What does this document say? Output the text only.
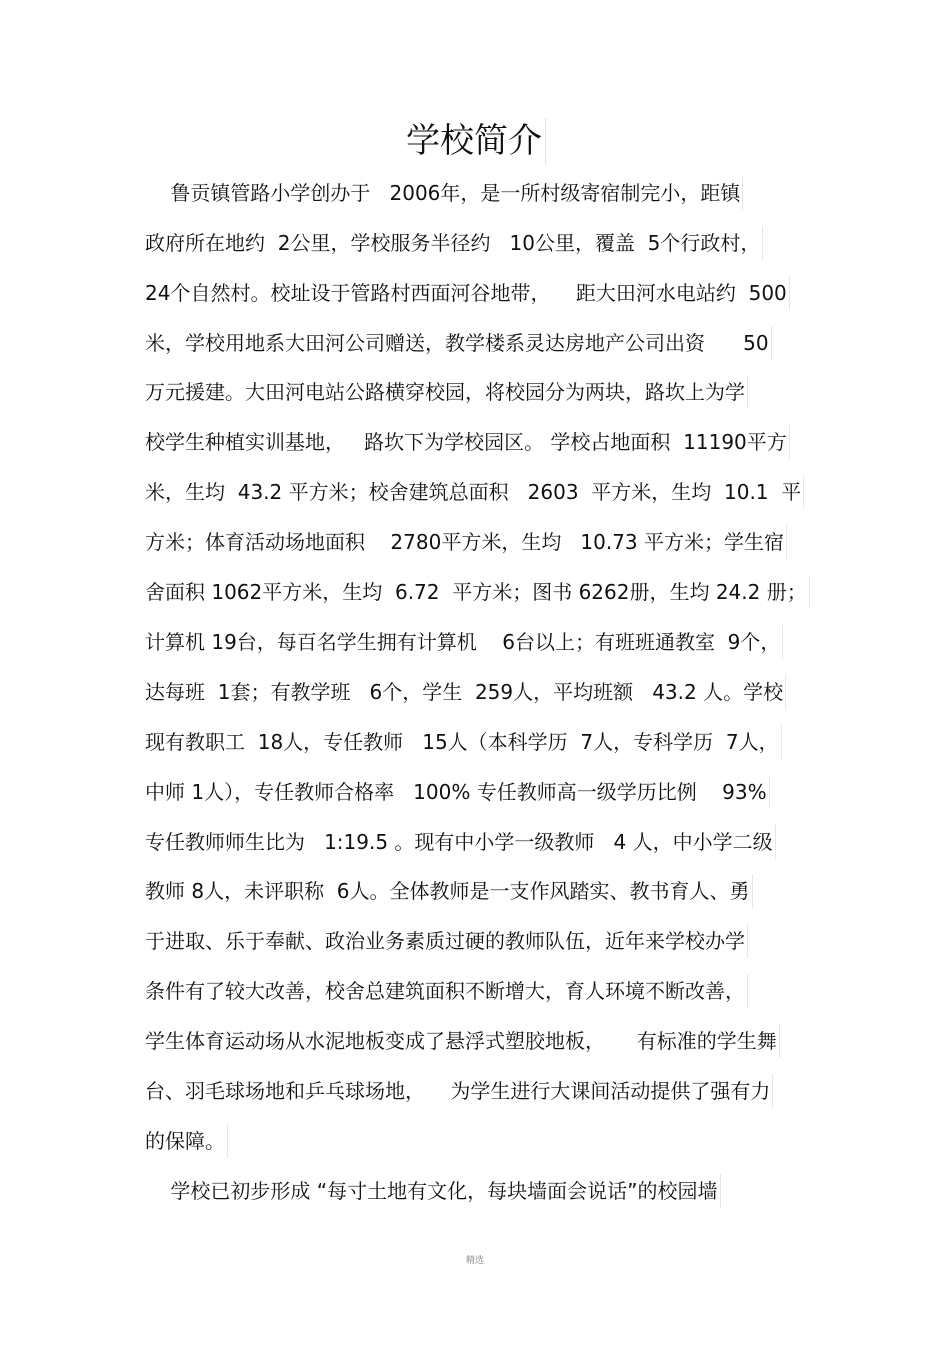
学校简介
鲁贡镇管路小学创办于   2006年，是一所村级寄宿制完小，距镇
政府所在地约  2公里，学校服务半径约   10公里，覆盖  5个行政村，
24个自然村。校址设于管路村西面河谷地带，    距大田河水电站约  500
米，学校用地系大田河公司赠送，教学楼系灵达房地产公司出资      50
万元援建。大田河电站公路横穿校园，将校园分为两块，路坎上为学
校学生种植实训基地，   路坎下为学校园区。 学校占地面积  11190平方
米，生均  43.2 平方米；校舍建筑总面积   2603  平方米，生均  10.1  平
方米；体育活动场地面积    2780平方米，生均   10.73 平方米；学生宿
舍面积 1062平方米，生均  6.72  平方米；图书 6262册，生均 24.2 册；
计算机 19台，每百名学生拥有计算机    6台以上；有班班通教室  9个，
达每班  1套；有教学班   6个，学生  259人，平均班额   43.2 人。学校
现有教职工  18人，专任教师   15人（本科学历  7人，专科学历  7人，
中师 1人），专任教师合格率   100% 专任教师高一级学历比例    93%
专任教师师生比为   1:19.5 。现有中小学一级教师   4 人，中小学二级
教师 8人，未评职称  6人。全体教师是一支作风踏实、教书育人、勇
于进取、乐于奉献、政治业务素质过硬的教师队伍，近年来学校办学
条件有了较大改善，校舍总建筑面积不断增大，育人环境不断改善，
学生体育运动场从水泥地板变成了悬浮式塑胶地板，     有标准的学生舞
台、羽毛球场地和乒乓球场地，    为学生进行大课间活动提供了强有力
的保障。
学校已初步形成 “每寸土地有文化，每块墙面会说话”的校园墙
精选
